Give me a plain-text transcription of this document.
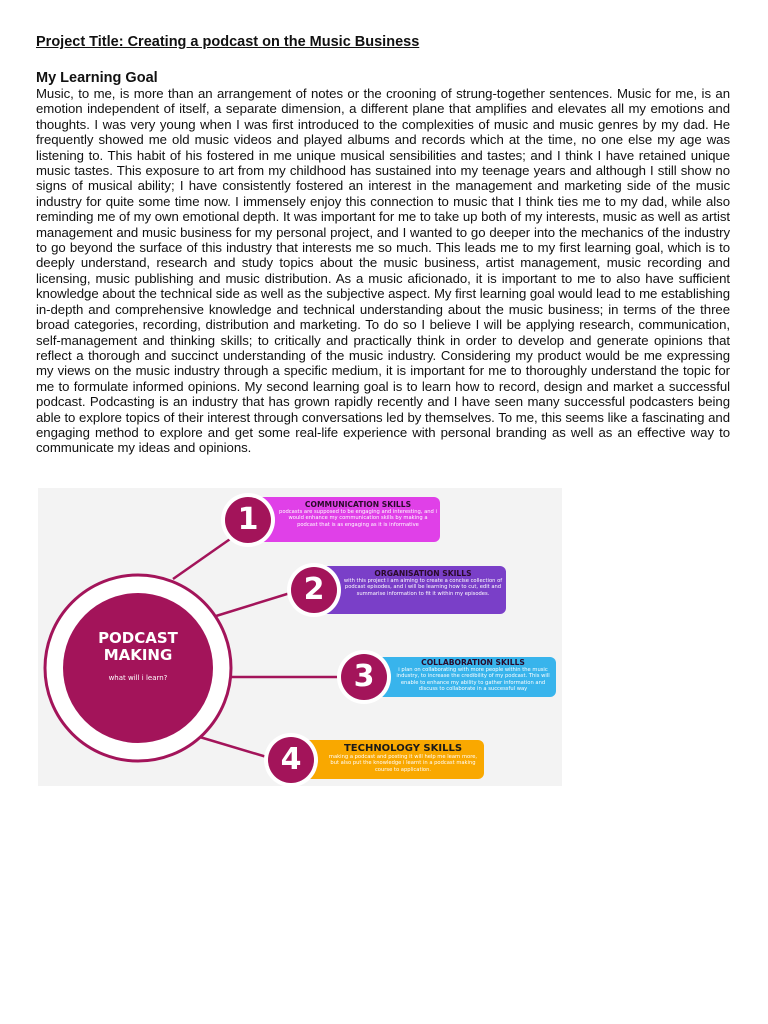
Project Title: Creating a podcast on the Music Business
My Learning Goal

Music, to me, is more than an arrangement of notes or the crooning of strung-together sentences. Music for me, is an emotion independent of itself, a separate dimension, a different plane that amplifies and elevates all my emotions and thoughts. I was very young when I was first introduced to the complexities of music and music genres by my dad. He frequently showed me old music videos and played albums and records which at the time, no one else my age was listening to. This habit of his fostered in me unique musical sensibilities and tastes; and I think I have retained unique music tastes. This exposure to art from my childhood has sustained into my teenage years and although I still show no signs of musical ability; I have consistently fostered an interest in the management and marketing side of the music industry for quite some time now. I immensely enjoy this connection to music that I think ties me to my dad, while also reminding me of my own emotional depth. It was important for me to take up both of my interests, music as well as artist management and music business for my personal project, and I wanted to go deeper into the mechanics of the industry to go beyond the surface of this industry that interests me so much. This leads me to my first learning goal, which is to deeply understand, research and study topics about the music business, artist management, music recording and licensing, music publishing and music distribution. As a music aficionado, it is important to me to also have sufficient knowledge about the technical side as well as the subjective aspect. My first learning goal would lead to me establishing in-depth and comprehensive knowledge and technical understanding about the music business; in terms of the three broad categories, recording, distribution and marketing. To do so I believe I will be applying research, communication, self-management and thinking skills; to critically and practically think in order to develop and generate opinions that reflect a thorough and succinct understanding of the music industry. Considering my product would be me expressing my views on the music industry through a specific medium, it is important for me to thoroughly understand the topic for me to formulate informed opinions. My second learning goal is to learn how to record, design and market a successful podcast. Podcasting is an industry that has grown rapidly recently and I have seen many successful podcasters being able to explore topics of their interest through conversations led by themselves. To me, this seems like a fascinating and engaging method to explore and get some real-life experience with personal branding as well as an effective way to communicate my ideas and opinions.

PODCAST MAKING
what will i learn?
1
2
3
4
COMMUNICATION SKILLS
podcasts are supposed to be engaging and interesting, and i would enhance my communication skills by making a podcast that is as engaging as it is informative
ORGANISATION SKILLS
with this project i am aiming to create a concise collection of podcast episodes, and i will be learning how to cut, edit and summarise information to fit it within my episodes.
COLLABORATION SKILLS
i plan on collaborating with more people within the music industry, to increase the credibility of my podcast. This will enable to enhance my ability to gather information and discuss to collaborate in a successful way
TECHNOLOGY SKILLS
making a podcast and posting it will help me learn more, but also put the knowledge i learnt in a podcast making course to application.
